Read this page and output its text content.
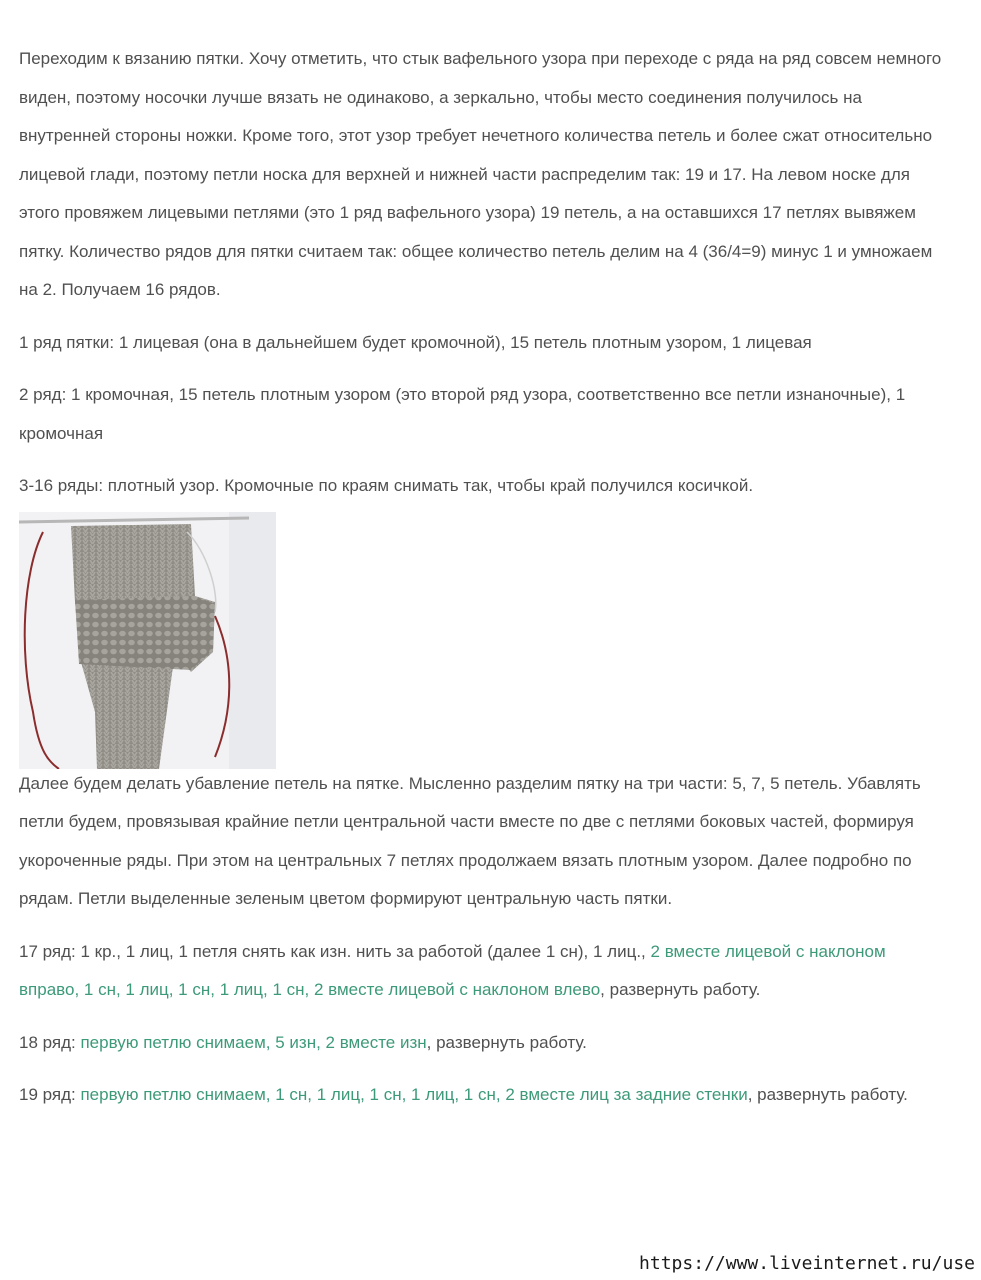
Переходим к вязанию пятки. Хочу отметить, что стык вафельного узора при переходе с ряда на ряд совсем немного виден, поэтому носочки лучше вязать не одинаково, а зеркально, чтобы место соединения получилось на внутренней стороны ножки. Кроме того, этот узор требует нечетного количества петель и более сжат относительно лицевой глади, поэтому петли носка для верхней и нижней части распределим так: 19 и 17. На левом носке для этого провяжем лицевыми петлями (это 1 ряд вафельного узора) 19 петель, а на оставшихся 17 петлях вывяжем пятку. Количество рядов для пятки считаем так: общее количество петель делим на 4 (36/4=9) минус 1 и умножаем на 2. Получаем 16 рядов.

1 ряд пятки: 1 лицевая (она в дальнейшем будет кромочной), 15 петель плотным узором, 1 лицевая

2 ряд: 1 кромочная, 15 петель плотным узором (это второй ряд узора, соответственно все петли изнаночные), 1 кромочная

3-16 ряды: плотный узор. Кромочные по краям снимать так, чтобы край получился косичкой.

Далее будем делать убавление петель на пятке. Мысленно разделим пятку на три части: 5, 7, 5 петель. Убавлять петли будем, провязывая крайние петли центральной части вместе по две с петлями боковых частей, формируя укороченные ряды. При этом на центральных 7 петлях продолжаем вязать плотным узором. Далее подробно по рядам. Петли выделенные зеленым цветом формируют центральную часть пятки.

17 ряд: 1 кр., 1 лиц, 1 петля снять как изн. нить за работой (далее 1 сн), 1 лиц., 2 вместе лицевой с наклоном вправо, 1 сн, 1 лиц, 1 сн, 1 лиц, 1 сн, 2 вместе лицевой с наклоном влево, развернуть работу.

18 ряд: первую петлю снимаем, 5 изн, 2 вместе изн, развернуть работу.

19 ряд: первую петлю снимаем, 1 сн, 1 лиц, 1 сн, 1 лиц, 1 сн, 2 вместе лиц за задние стенки, развернуть работу.

https://www.liveinternet.ru/use
